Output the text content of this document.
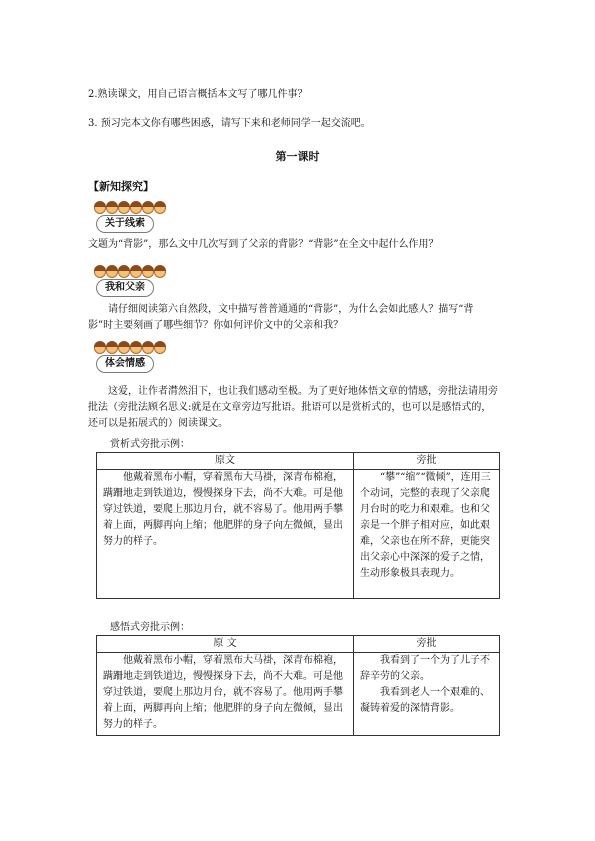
2.熟读课文，用自己语言概括本文写了哪几件事？
3. 预习完本文你有哪些困惑，请写下来和老师同学一起交流吧。
第一课时
【新知探究】
关于线索
文题为“背影”，那么文中几次写到了父亲的背影？“背影”在全文中起什么作用？
我和父亲
请仔细阅读第六自然段，文中描写普普通通的“背影”，为什么会如此感人？描写“背影”时主要刻画了哪些细节？你如何评价文中的父亲和我？
体会情感
这爱，让作者潸然泪下，也让我们感动至极。为了更好地体悟文章的情感，旁批法请用旁批法（旁批法顾名思义:就是在文章旁边写批语。批语可以是赏析式的，也可以是感悟式的，还可以是拓展式的）阅读课文。
赏析式旁批示例：
原文	旁批

他戴着黑布小帽，穿着黑布大马褂，深青布棉袍，蹒跚地走到铁道边，慢慢探身下去，尚不大难。可是他穿过铁道，要爬上那边月台，就不容易了。他用两手攀着上面，两脚再向上缩；他肥胖的身子向左微倾，显出努力的样子。	“攀”“缩”“微倾”，连用三个动词，完整的表现了父亲爬月台时的吃力和艰难。也和父亲是一个胖子相对应，如此艰难，父亲也在所不辞，更能突出父亲心中深深的爱子之情，生动形象极具表现力。
感悟式旁批示例：
原 文	旁批

他戴着黑布小帽，穿着黑布大马褂，深青布棉袍，蹒跚地走到铁道边，慢慢探身下去，尚不大难。可是他穿过铁道，要爬上那边月台，就不容易了。他用两手攀着上面，两脚再向上缩；他肥胖的身子向左微倾，显出努力的样子。	我看到了一个为了儿子不辞辛劳的父亲。
我看到老人一个艰难的、凝铸着爱的深情背影。
